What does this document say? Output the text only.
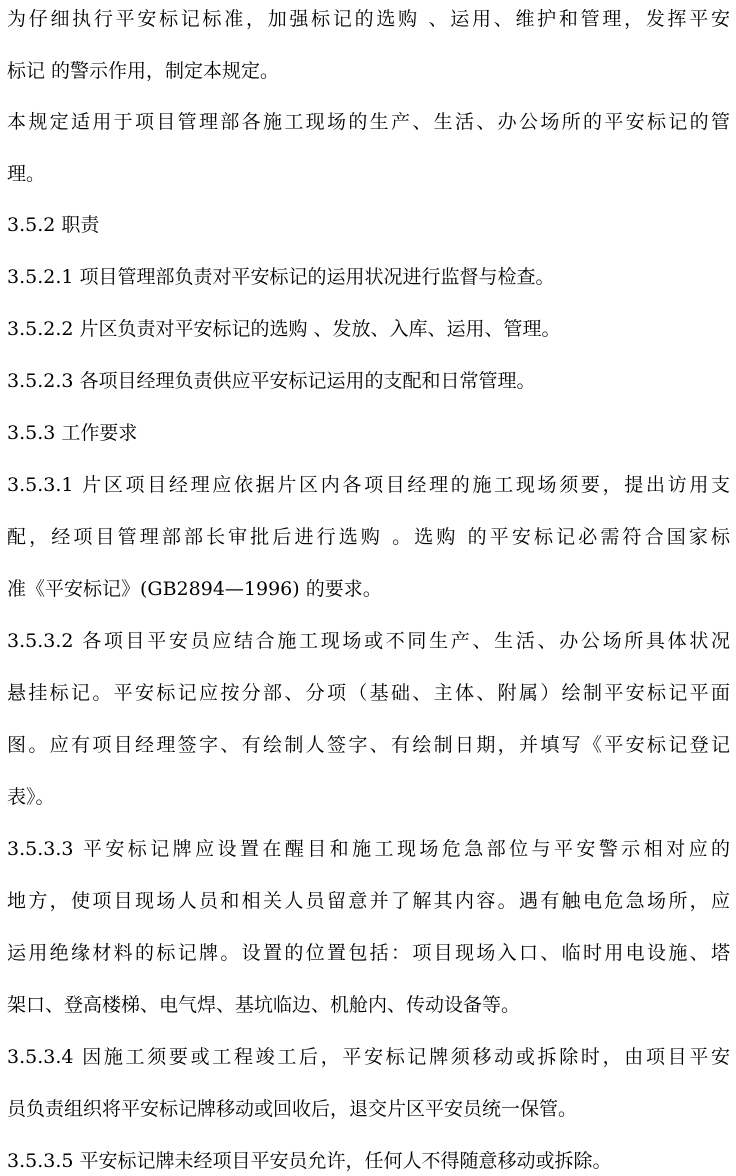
为仔细执行平安标记标准，加强标记的选购 、运用、维护和管理，发挥平安
标记 的警示作用，制定本规定。
本规定适用于项目管理部各施工现场的生产、生活、办公场所的平安标记的管
理。
3.5.2 职责
3.5.2.1 项目管理部负责对平安标记的运用状况进行监督与检查。
3.5.2.2 片区负责对平安标记的选购 、发放、入库、运用、管理。
3.5.2.3 各项目经理负责供应平安标记运用的支配和日常管理。
3.5.3 工作要求
3.5.3.1 片区项目经理应依据片区内各项目经理的施工现场须要，提出访用支
配，经项目管理部部长审批后进行选购 。选购 的平安标记必需符合国家标
准《平安标记》(GB2894—1996) 的要求。
3.5.3.2 各项目平安员应结合施工现场或不同生产、生活、办公场所具体状况
悬挂标记。平安标记应按分部、分项（基础、主体、附属）绘制平安标记平面
图。应有项目经理签字、有绘制人签字、有绘制日期，并填写《平安标记登记
表》。
3.5.3.3 平安标记牌应设置在醒目和施工现场危急部位与平安警示相对应的
地方，使项目现场人员和相关人员留意并了解其内容。遇有触电危急场所，应
运用绝缘材料的标记牌。设置的位置包括：项目现场入口、临时用电设施、塔
架口、登高楼梯、电气焊、基坑临边、机舱内、传动设备等。
3.5.3.4 因施工须要或工程竣工后，平安标记牌须移动或拆除时，由项目平安
员负责组织将平安标记牌移动或回收后，退交片区平安员统一保管。
3.5.3.5 平安标记牌未经项目平安员允许，任何人不得随意移动或拆除。
